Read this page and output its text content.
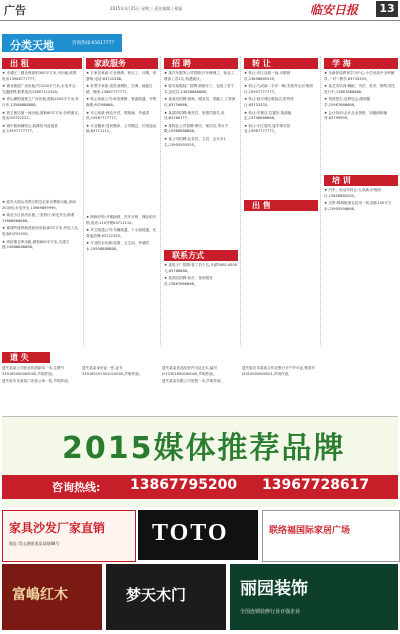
广告	2015年3月25日 星期三 责任编辑 / 邢磊	临安日报	13
分类天地	咨询热线:65617777
出 租
★ 市城区三楼仓库面积300平方米,可出租,联系电话13906777777。
★ 锦北街道厂房出租,约1200平方米,水电齐全,交通便利,联系电话13857112345。
★ 青山湖街道独立厂房出租,面积2500平方米,有行车,13588888888。
★ 钱王街店面一间出租,面积60平方米,价格面议,电话:63722222。
★ 城中街商铺转让,装修好可直接营业,13957777777。
★ 临安大明山风景区附近农家乐整体出租,房间20余间,水电齐全,13989899999。
★ 城北小区套房出租,三室两厅,家电齐全,联系13666666666。
★ 锦城玲珑岭新苑套房出租,80平方米,拎包入住,电话63755555。
★ 高虹镇仓库出租,面积800平方米,交通方便,15888888888。
家政服务
★ 万家乐家政:专业保姆、钟点工、月嫂、育婴师,电话:63722288。
★ 好帮手家政:清洗油烟机、空调、地板打蜡、搬家,13867777777。
★ 贴心家政公司:家电维修、管道疏通、开锁换锁,63766666。
★ 安心家政:保洁开荒、擦玻璃、外墙清洗,15967777777。
★ 专业搬家:居民搬家、公司搬迁、长短途运输,63711111。
★ 阿枫开锁:开锁换锁、汽车开锁、保险柜开锁,电话:110开锁63711110。
★ 环卫疏通公司:马桶疏通、下水道疏通、化粪池清理,63722333。
★ 专业防水补漏:屋面、卫生间、外墙防水,15958888888。
招 聘
★ 某汽车服务公司招聘:汽车修理工、钣金工、喷漆工各2名,待遇面议。
★ 临安某服装厂招聘:熟练车工、包装工若干名,包吃住,13858888888。
★ 某饭店招聘:厨师、服务员、洗碗工,工资面议,63756666。
★ 某超市招聘:理货员、收银员数名,电话:63766777。
★ 某物业公司招聘:保安、保洁员,男女不限,15968888888。
★ 某公司招聘:业务员、文员、会计各1名,13905555555。
联系方式
★ 某电子厂招聘:普工若干名,月薪3000-4500元,63788888。
★ 某酒店招聘:前台、客房服务员,13867666666。
转 让
★ 转让:市区店面一间,可做餐饮,13858885555。
★ 转让:九成新二手车一辆,手续齐全,价格面议,15957777777。
★ 转让:临安城区服装店,带货转让,63733333。
★ 转让:早餐店,位置好,客源稳定,13706666666。
★ 转让:小区超市,接手即可营业,13967777777。
出 售
学 海
★ 全新体验教育学习中心:小学至高中全科辅导,一对一教学,63733355。
★ 某艺术培训:舞蹈、书法、美术、钢琴,招生进行中,13867888888。
★ 驾校招生:包教包会,随到随学,15967666666。
★ 会计培训:会计从业资格、初级职称辅导,63799999。
培 训
★ 汽车、电动车转让:九成新,价格面议,13858880000。
★ 出售:锦城街道农居房一套,面积150平方米,13905556666。
遗 失
遗失某某公司营业执照副本一本,注册号330185000000000,声明作废。
遗失临安市某某门市部公章一枚,声明作废。
遗失某某身份证一张,证号330185197001010000,声明作废。
遗失某某食品经营许可证正本,编号JY13301850000000,声明作废。
遗失某某有限公司发票一本,声明作废。
遗失临安市某某合作社银行开户许可证,核准号J3310000000001,声明作废。
2015媒体推荐品牌
咨询热线: 13867795200 13967728617
家具沙发厂家直销
地址:青山湖街道某某路88号	TOTO	联络福国际家居广场
富嶋红木	梦天木门	丽园装饰
全国连锁装修行业百强企业
